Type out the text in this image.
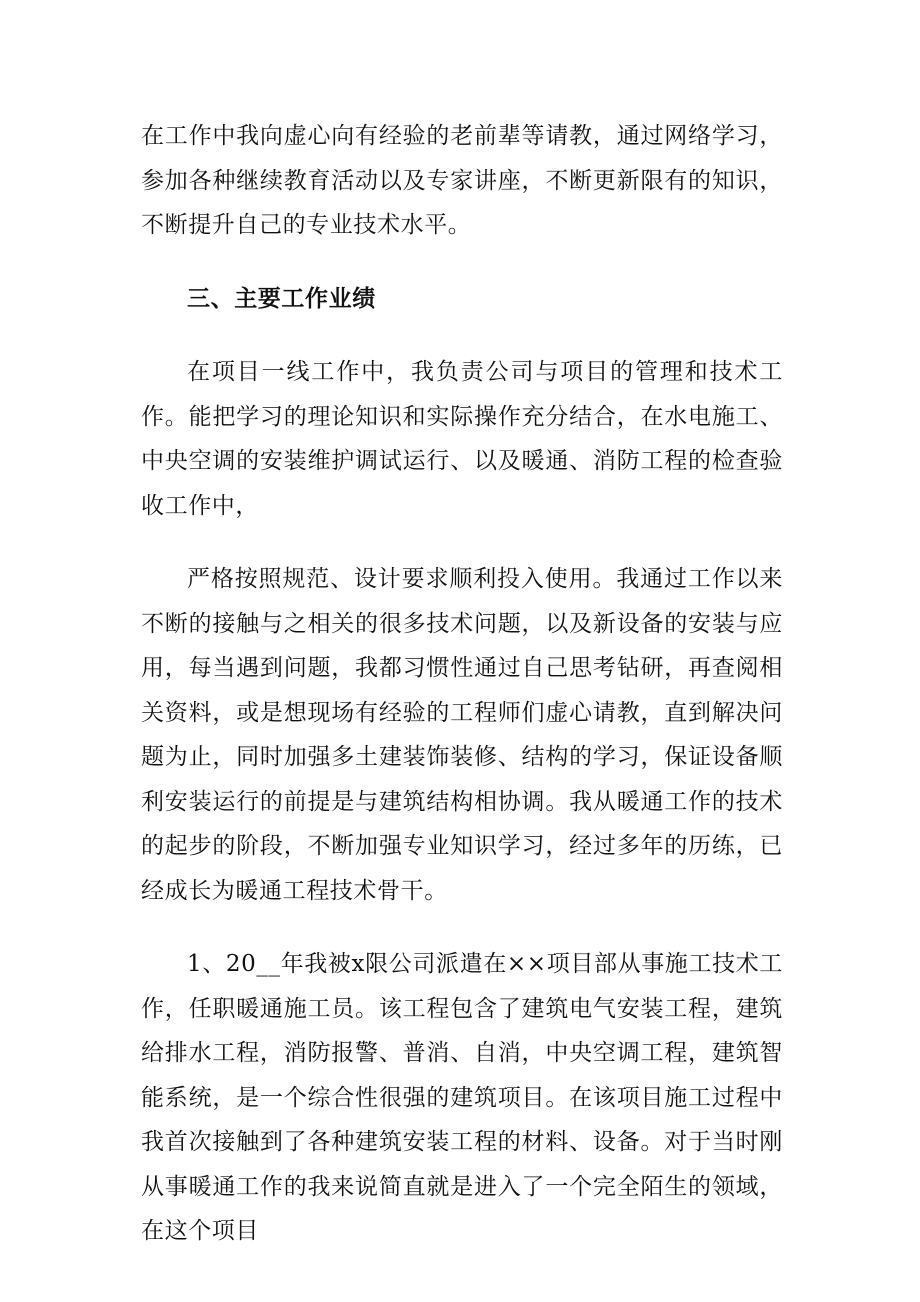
在工作中我向虚心向有经验的老前辈等请教，通过网络学习，参加各种继续教育活动以及专家讲座，不断更新限有的知识，不断提升自己的专业技术水平。

三、主要工作业绩

在项目一线工作中，我负责公司与项目的管理和技术工作。能把学习的理论知识和实际操作充分结合，在水电施工、中央空调的安装维护调试运行、以及暖通、消防工程的检查验收工作中，

严格按照规范、设计要求顺利投入使用。我通过工作以来不断的接触与之相关的很多技术问题，以及新设备的安装与应用，每当遇到问题，我都习惯性通过自己思考钻研，再查阅相关资料，或是想现场有经验的工程师们虚心请教，直到解决问题为止，同时加强多土建装饰装修、结构的学习，保证设备顺利安装运行的前提是与建筑结构相协调。我从暖通工作的技术的起步的阶段，不断加强专业知识学习，经过多年的历练，已经成长为暖通工程技术骨干。

1、20__年我被x限公司派遣在××项目部从事施工技术工作，任职暖通施工员。该工程包含了建筑电气安装工程，建筑给排水工程，消防报警、普消、自消，中央空调工程，建筑智能系统，是一个综合性很强的建筑项目。在该项目施工过程中我首次接触到了各种建筑安装工程的材料、设备。对于当时刚从事暖通工作的我来说简直就是进入了一个完全陌生的领域，在这个项目
